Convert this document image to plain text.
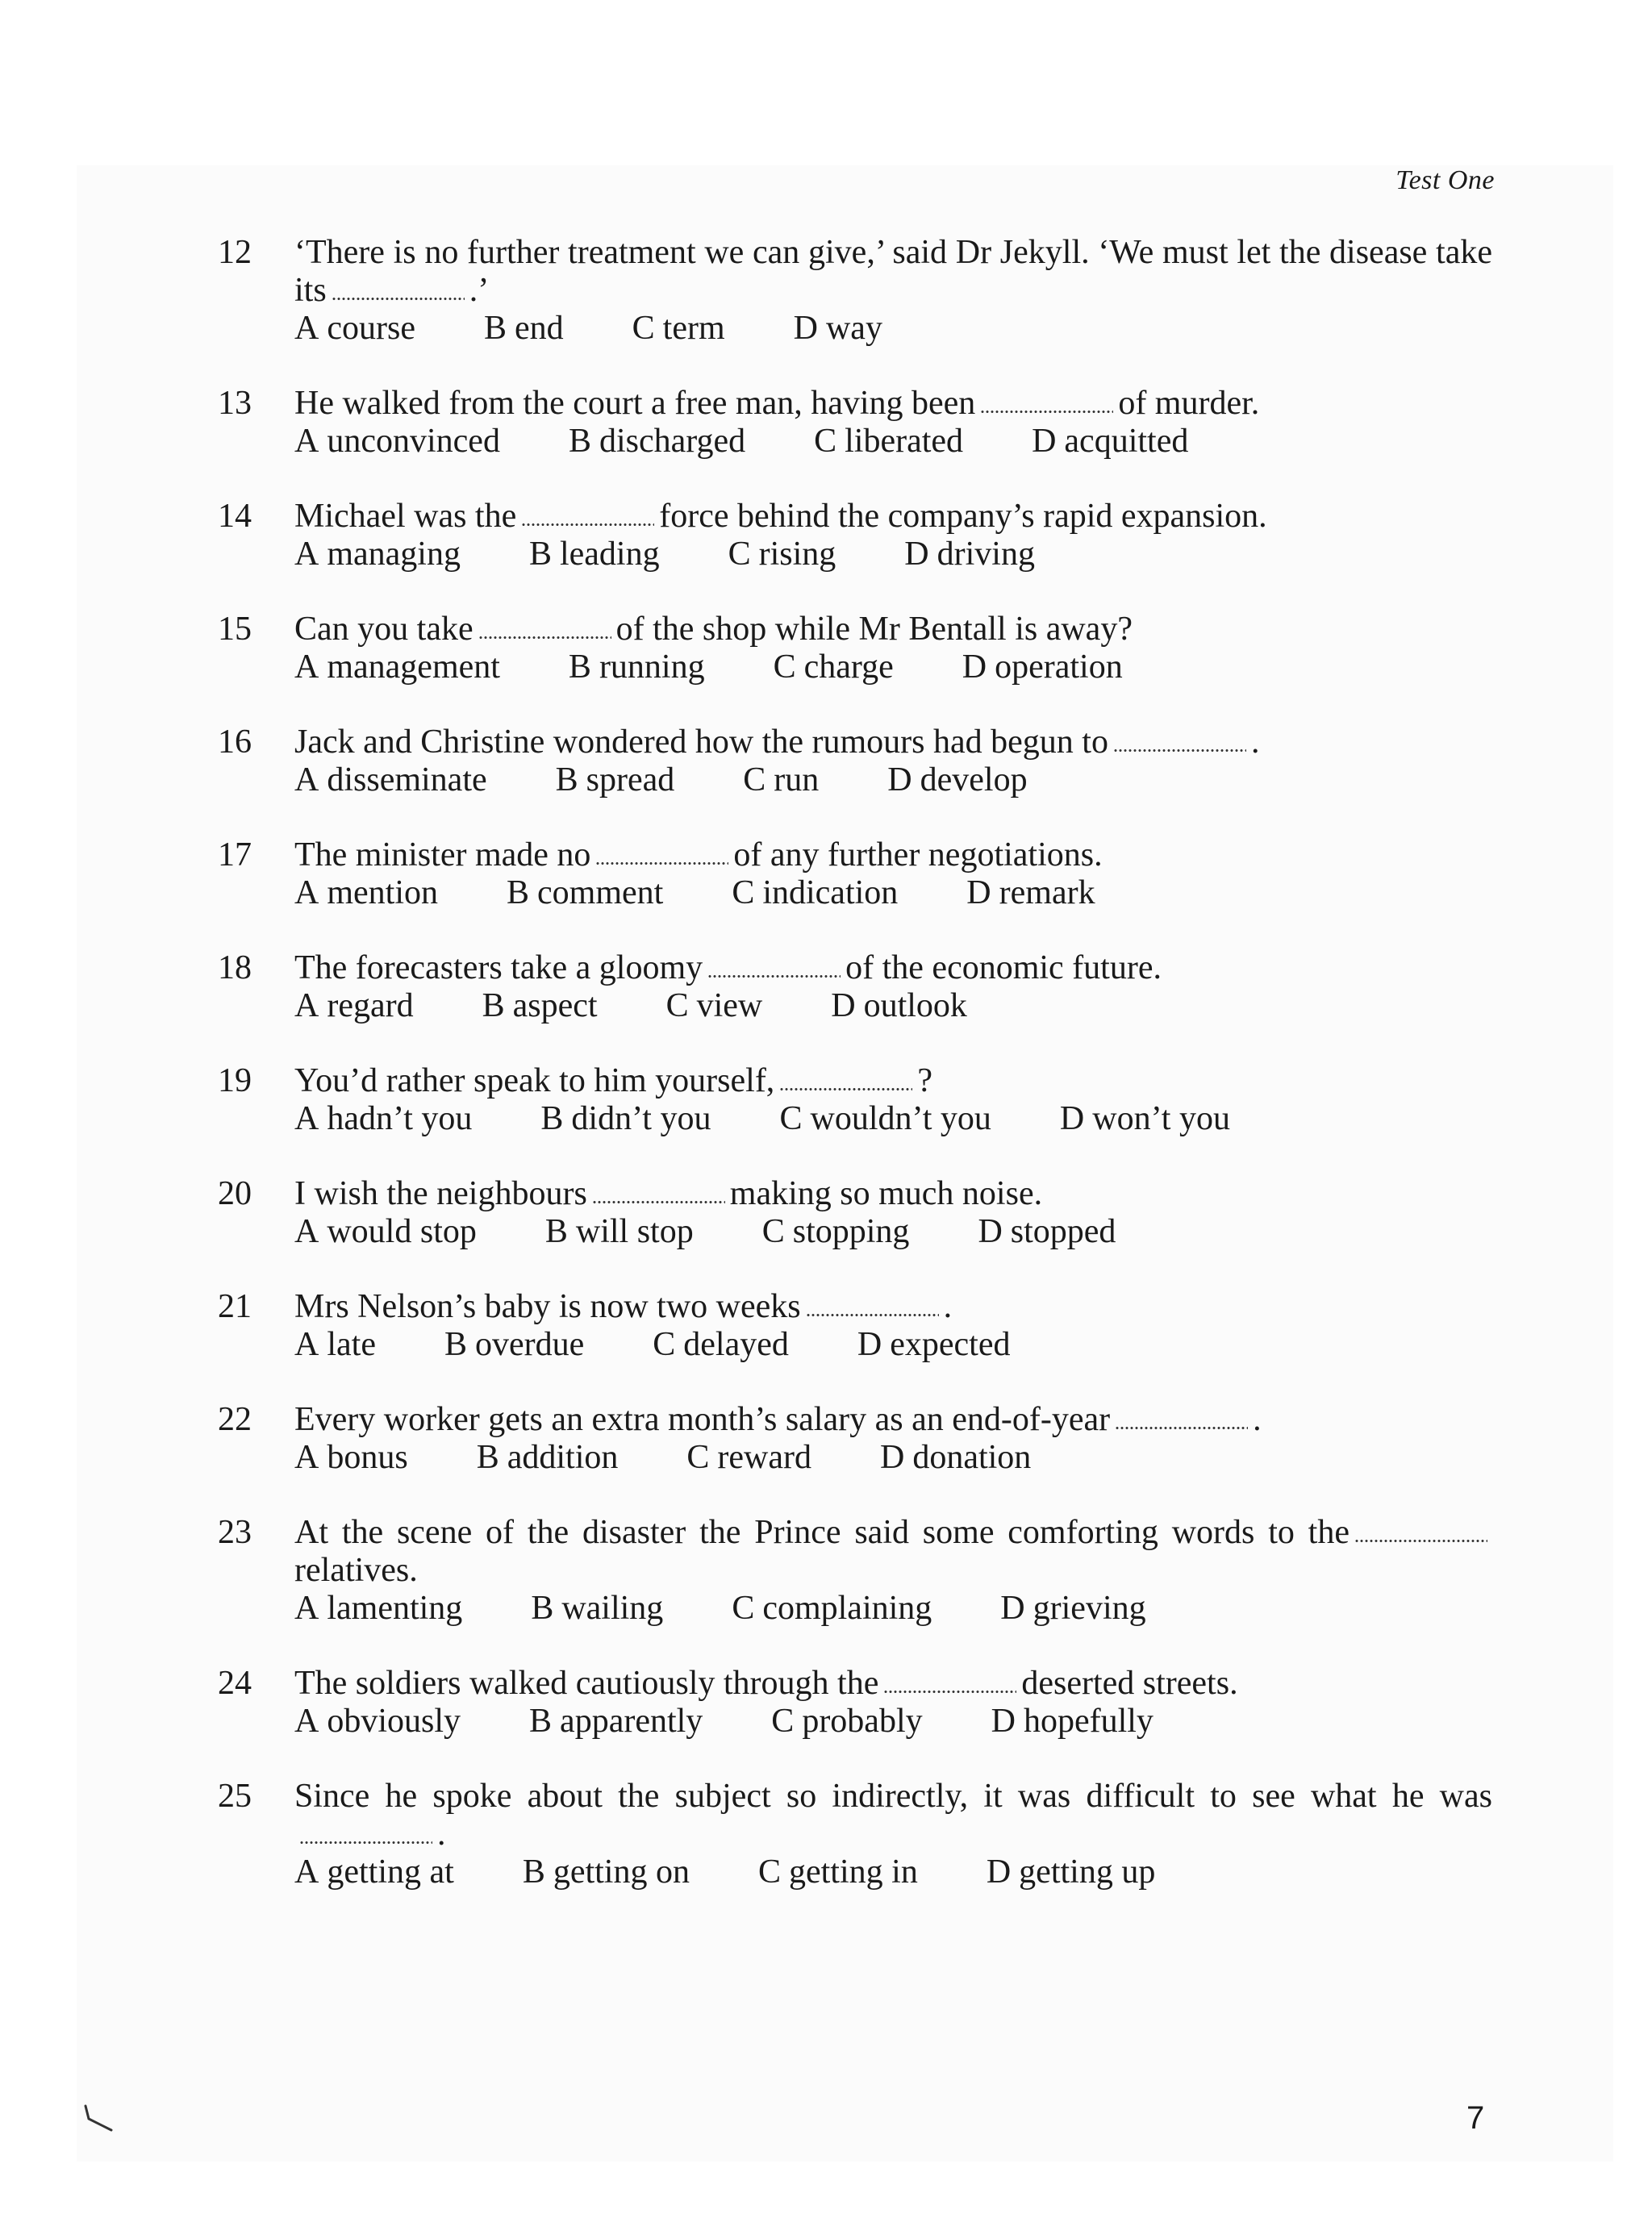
Test One
12 ‘There is no further treatment we can give,’ said Dr Jekyll. ‘We must let the disease take its	.’
A course B end C term D way
13 He walked from the court a free man, having been	of murder.
A unconvinced B discharged C liberated D acquitted
14 Michael was the	force behind the company’s rapid expansion.
A managing B leading C rising D driving
15 Can you take	of the shop while Mr Bentall is away?
A management B running C charge D operation
16 Jack and Christine wondered how the rumours had begun to	.
A disseminate B spread C run D develop
17 The minister made no	of any further negotiations.
A mention B comment C indication D remark
18 The forecasters take a gloomy	of the economic future.
A regard B aspect C view D outlook
19 You’d rather speak to him yourself,	?
A hadn’t you B didn’t you C wouldn’t you D won’t you
20 I wish the neighbours	making so much noise.
A would stop B will stop C stopping D stopped
21 Mrs Nelson’s baby is now two weeks	.
A late B overdue C delayed D expected
22 Every worker gets an extra month’s salary as an end-of-year	.
A bonus B addition C reward D donation
23 At the scene of the disaster the Prince said some comforting words to therelatives.
A lamenting B wailing C complaining D grieving
24 The soldiers walked cautiously through the	deserted streets.
A obviously B apparently C probably D hopefully
25 Since he spoke about the subject so indirectly, it was difficult to see what he was.
A getting at B getting on C getting in D getting up
7
